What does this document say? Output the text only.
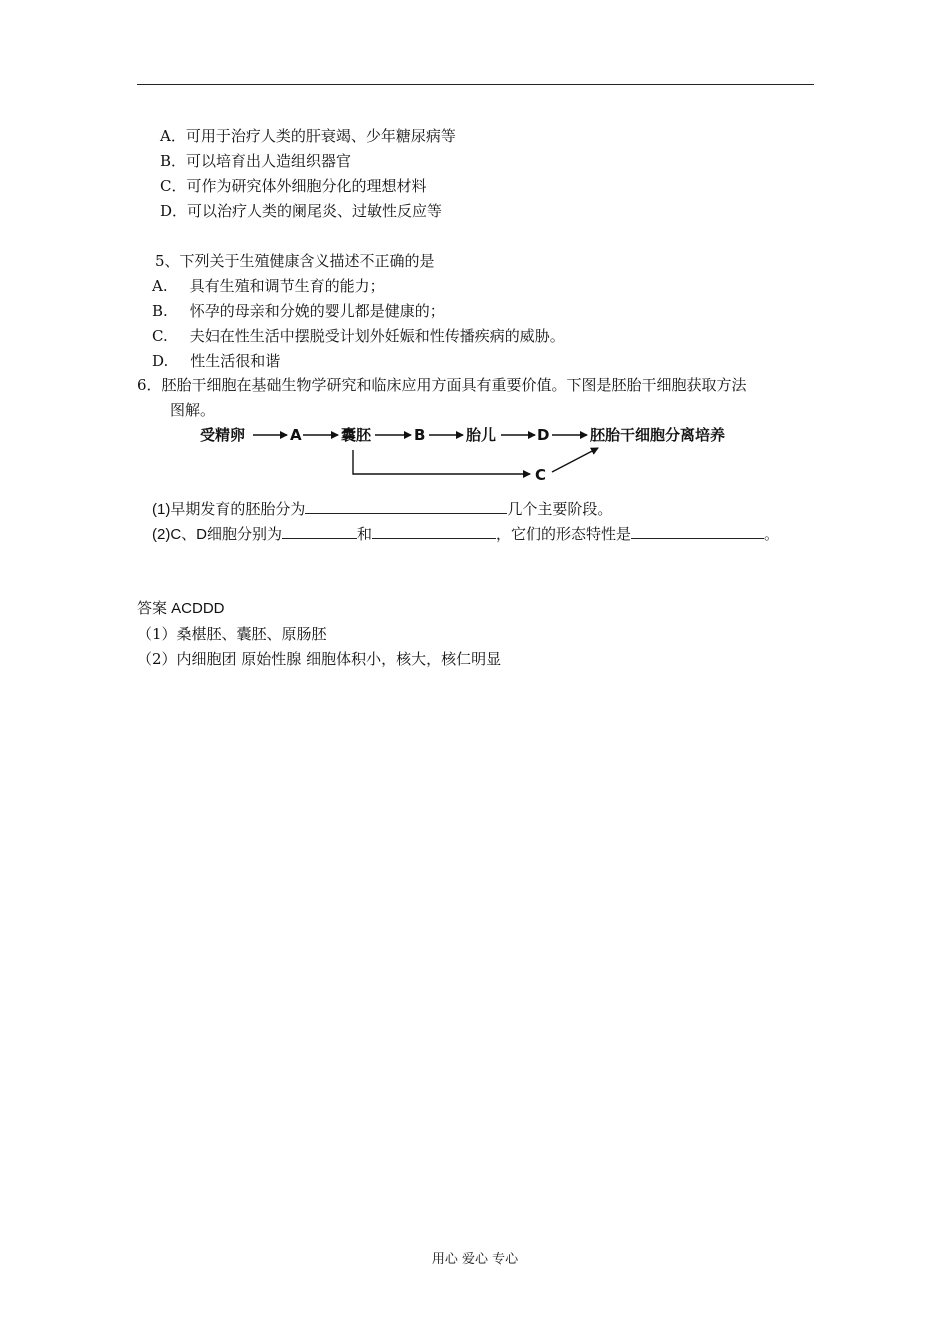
A．可用于治疗人类的肝衰竭、少年糖尿病等
B．可以培育出人造组织器官
C．可作为研究体外细胞分化的理想材料
D．可以治疗人类的阑尾炎、过敏性反应等
5、下列关于生殖健康含义描述不正确的是
A. 具有生殖和调节生育的能力；
B. 怀孕的母亲和分娩的婴儿都是健康的；
C. 夫妇在性生活中摆脱受计划外妊娠和性传播疾病的威胁。
D. 性生活很和谐
6．胚胎干细胞在基础生物学研究和临床应用方面具有重要价值。下图是胚胎干细胞获取方法
图解。
受精卵	A	囊胚	B	胎儿	D	胚胎干细胞分离培养
C
(1)早期发育的胚胎分为	几个主要阶段。
(2)C、D细胞分别为	和	，它们的形态特性是	。
答案 ACDDD
（1）桑椹胚、囊胚、原肠胚
（2）内细胞团 原始性腺 细胞体积小，核大，核仁明显
用心 爱心 专心
